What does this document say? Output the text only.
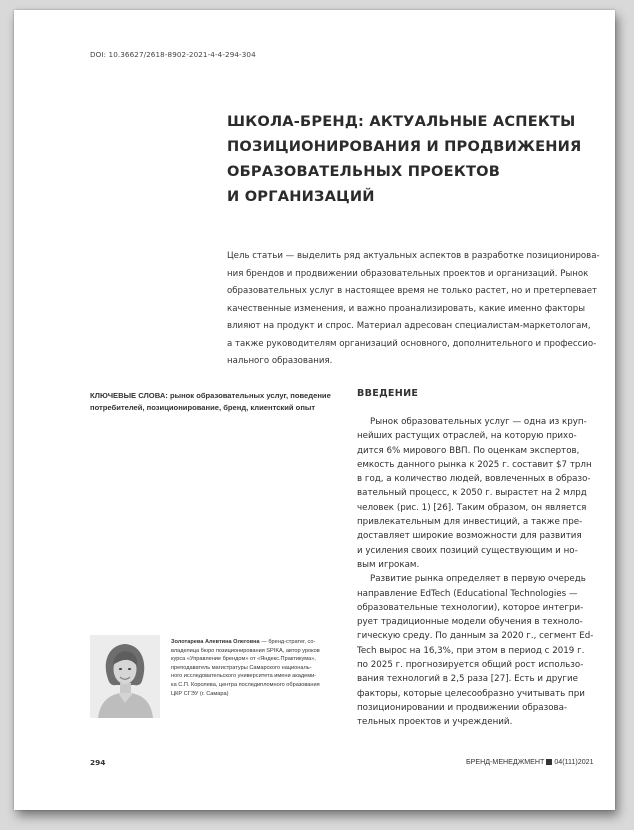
DOI: 10.36627/2618-8902-2021-4-4-294-304
ШКОЛА-БРЕНД: АКТУАЛЬНЫЕ АСПЕКТЫ
ПОЗИЦИОНИРОВАНИЯ И ПРОДВИЖЕНИЯ
ОБРАЗОВАТЕЛЬНЫХ ПРОЕКТОВ
И ОРГАНИЗАЦИЙ
Цель статьи — выделить ряд актуальных аспектов в разработке позиционирова-
ния брендов и продвижении образовательных проектов и организаций. Рынок
образовательных услуг в настоящее время не только растет, но и претерпевает
качественные изменения, и важно проанализировать, какие именно факторы
влияют на продукт и спрос. Материал адресован специалистам-маркетологам,
а также руководителям организаций основного, дополнительного и профессио-
нального образования.
КЛЮЧЕВЫЕ СЛОВА: рынок образовательных услуг, поведение
потребителей, позиционирование, бренд, клиентский опыт
ВВЕДЕНИЕ
Рынок образовательных услуг — одна из круп-
нейших растущих отраслей, на которую прихо-
дится 6% мирового ВВП. По оценкам экспертов,
емкость данного рынка к 2025 г. составит $7 трлн
в год, а количество людей, вовлеченных в образо-
вательный процесс, к 2050 г. вырастет на 2 млрд
человек (рис. 1) [26]. Таким образом, он является
привлекательным для инвестиций, а также пре-
доставляет широкие возможности для развития
и усиления своих позиций существующим и но-
вым игрокам.
Развитие рынка определяет в первую очередь
направление EdTech (Educational Technologies —
образовательные технологии), которое интегри-
рует традиционные модели обучения в техноло-
гическую среду. По данным за 2020 г., сегмент Ed-
Tech вырос на 16,3%, при этом в период с 2019 г.
по 2025 г. прогнозируется общий рост использо-
вания технологий в 2,5 раза [27]. Есть и другие
факторы, которые целесообразно учитывать при
позиционировании и продвижении образова-
тельных проектов и учреждений.
Золотарева Алевтина Олеговна — бренд-стратег, со-
владелица бюро позиционирования SPIKA, автор уроков
курса «Управление брендом» от «Яндекс.Практикума»,
преподаватель магистратуры Самарского националь-
ного исследовательского университета имени академи-
ка С.П. Королева, центра последипломного образования
ЦКР СГЭУ (г. Самара)
294	БРЕНД-МЕНЕДЖМЕНТ 04(111)2021
